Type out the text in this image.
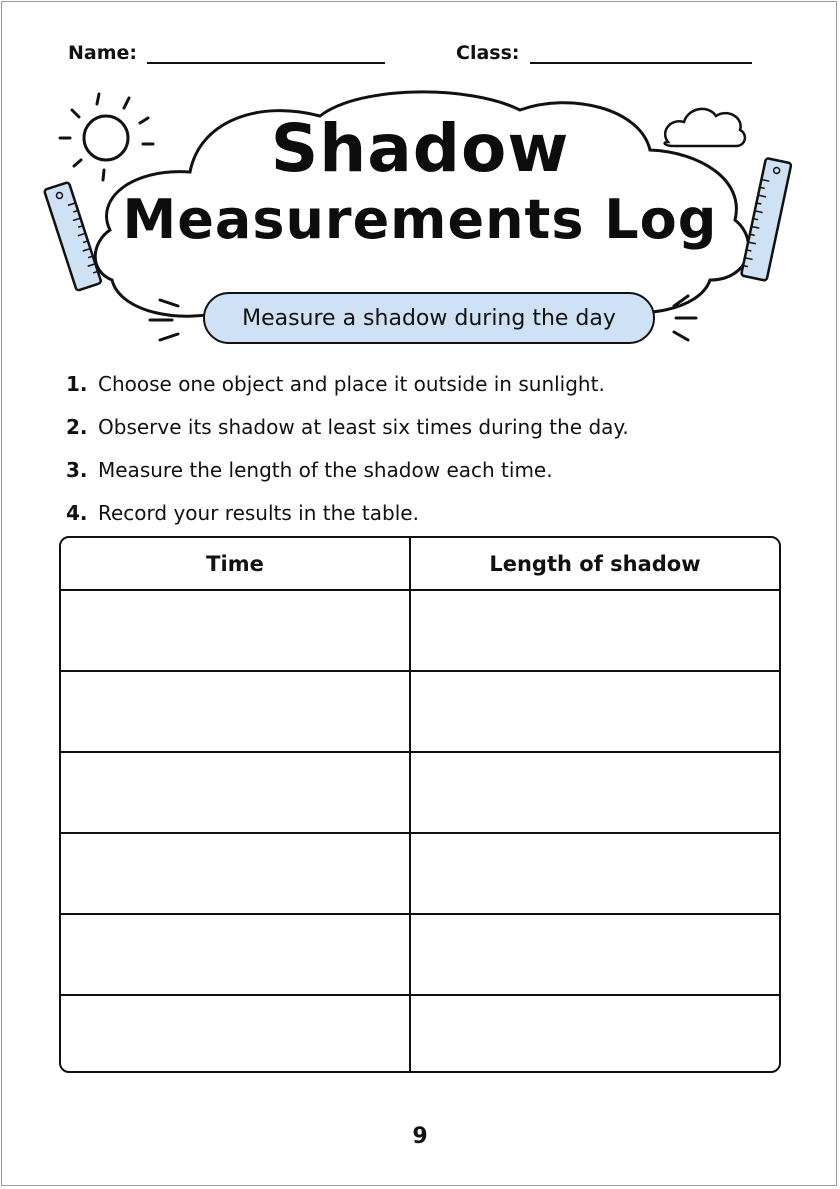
Name:	Class:
Shadow
Measurements Log
Measure a shadow during the day
1. Choose one object and place it outside in sunlight.
2. Observe its shadow at least six times during the day.
3. Measure the length of the shadow each time.
4. Record your results in the table.
Time	Length of shadow
9
